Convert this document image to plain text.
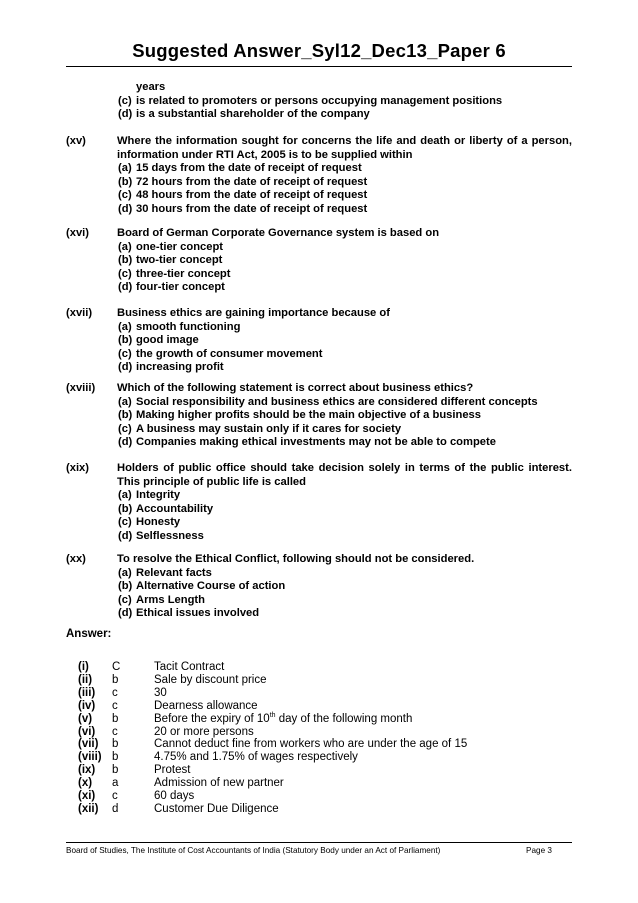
Suggested Answer_Syl12_Dec13_Paper 6
years
(c) is related to promoters or persons occupying management positions
(d) is a substantial shareholder of the company
(xv)	Where the information sought for concerns the life and death or liberty of a person, information under RTI Act, 2005 is to be supplied within
(a) 15 days from the date of receipt of request
(b) 72 hours from the date of receipt of request
(c) 48 hours from the date of receipt of request
(d) 30 hours from the date of receipt of request
(xvi) Board of German Corporate Governance system is based on
(a) one-tier concept
(b) two-tier concept
(c) three-tier concept
(d) four-tier concept
(xvii) Business ethics are gaining importance because of
(a) smooth functioning
(b) good image
(c) the growth of consumer movement
(d) increasing profit
(xviii) Which of the following statement is correct about business ethics?
(a) Social responsibility and business ethics are considered different concepts
(b) Making higher profits should be the main objective of a business
(c) A business may sustain only if it cares for society
(d) Companies making ethical investments may not be able to compete
(xix) Holders of public office should take decision solely in terms of the public interest. This principle of public life is called
(a) Integrity
(b) Accountability
(c) Honesty
(d) Selflessness
(xx)	To resolve the Ethical Conflict, following should not be considered.
(a) Relevant facts
(b) Alternative Course of action
(c) Arms Length
(d) Ethical issues involved
Answer:
(i) C	Tacit Contract
(ii) b	Sale by discount price
(iii) c	30
(iv) c	Dearness allowance
(v) b	Before the expiry of 10th day of the following month
(vi) c	20 or more persons
(vii) b	Cannot deduct fine from workers who are under the age of 15
(viii) b	4.75% and 1.75% of wages respectively
(ix) b	Protest
(x) a	Admission of new partner
(xi) c	60 days
(xii) d	Customer Due Diligence
Board of Studies, The Institute of Cost Accountants of India (Statutory Body under an Act of Parliament)	Page 3
